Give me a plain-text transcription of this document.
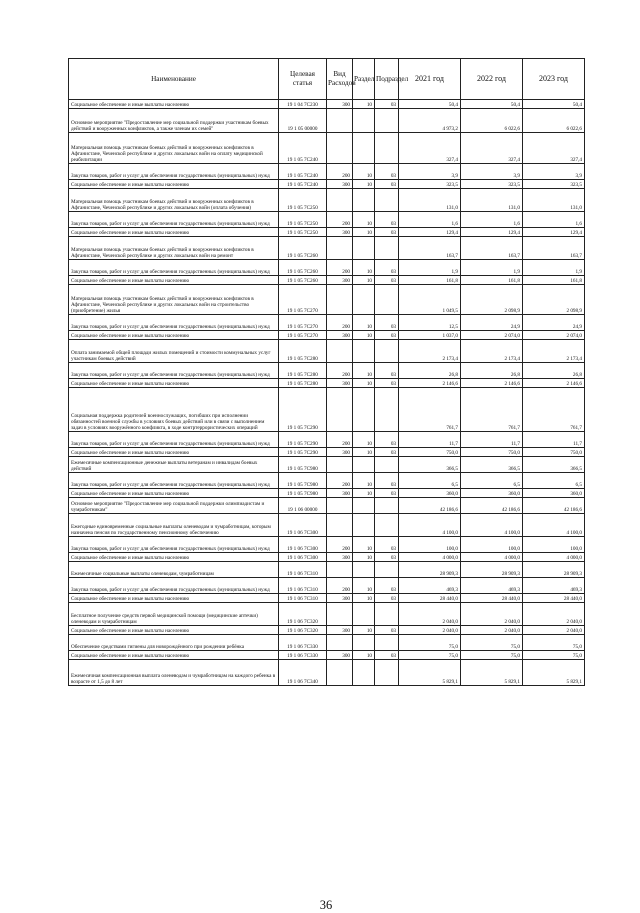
Наименование	Целевая статья	Вид Расходов	Раздел	Подраздел	2021 год	2022 год	2023 год
Социальное обеспечение и иные выплаты населению	19 1 04 7С230	300	10	03	50,4	50,4	50,4
Основное мероприятие "Предоставление мер социальной поддержки участникам боевых действий и вооруженных конфликтов, а также членам их семей"	19 1 05 00000				4 973,2	6 022,6	6 022,6
Материальная помощь участникам боевых действий и вооруженных конфликтов в Афганистане, Чеченской республике и других локальных войн на оплату медицинской реабилитации	19 1 05 7С240				327,4	327,4	327,4
Закупка товаров, работ и услуг для обеспечения государственных (муниципальных) нужд	19 1 05 7С240	200	10	03	3,9	3,9	3,9
Социальное обеспечение и иные выплаты населению	19 1 05 7С240	300	10	03	323,5	323,5	323,5
Материальная помощь участникам боевых действий и вооруженных конфликтов в Афганистане, Чеченской республике и других локальных войн (оплата обучения)	19 1 05 7С250				131,0	131,0	131,0
Закупка товаров, работ и услуг для обеспечения государственных (муниципальных) нужд	19 1 05 7С250	200	10	03	1,6	1,6	1,6
Социальное обеспечение и иные выплаты населению	19 1 05 7С250	300	10	03	129,4	129,4	129,4
Материальная помощь участникам боевых действий и вооруженных конфликтов в Афганистане, Чеченской республике и других локальных войн на ремонт	19 1 05 7С260				163,7	163,7	163,7
Закупка товаров, работ и услуг для обеспечения государственных (муниципальных) нужд	19 1 05 7С260	200	10	03	1,9	1,9	1,9
Социальное обеспечение и иные выплаты населению	19 1 05 7С260	300	10	03	161,8	161,8	161,8
Материальная помощь участникам боевых действий и вооруженных конфликтов в Афганистане, Чеченской республике и других локальных войн на строительство (приобретение) жилья	19 1 05 7С270				1 049,5	2 098,9	2 098,9
Закупка товаров, работ и услуг для обеспечения государственных (муниципальных) нужд	19 1 05 7С270	200	10	03	12,5	24,9	24,9
Социальное обеспечение и иные выплаты населению	19 1 05 7С270	300	10	03	1 037,0	2 074,0	2 074,0
Оплата занимаемой общей площади жилых помещений и стоимости коммунальных услуг участникам боевых действий	19 1 05 7С280				2 173,4	2 173,4	2 173,4
Закупка товаров, работ и услуг для обеспечения государственных (муниципальных) нужд	19 1 05 7С280	200	10	03	26,8	26,8	26,8
Социальное обеспечение и иные выплаты населению	19 1 05 7С280	300	10	03	2 146,6	2 146,6	2 146,6
Социальная поддержка родителей военнослужащих, погибших при исполнении обязанностей военной службы в условиях боевых действий или в связи с выполнением задач в условиях вооружённого конфликта, в ходе контртеррористических операций	19 1 05 7С290				761,7	761,7	761,7
Закупка товаров, работ и услуг для обеспечения государственных (муниципальных) нужд	19 1 05 7С290	200	10	03	11,7	11,7	11,7
Социальное обеспечение и иные выплаты населению	19 1 05 7С290	300	10	03	750,0	750,0	750,0
Ежемесячные компенсационные денежные выплаты ветеранам и инвалидам боевых действий	19 1 05 7С980				366,5	366,5	366,5
Закупка товаров, работ и услуг для обеспечения государственных (муниципальных) нужд	19 1 05 7С980	200	10	03	6,5	6,5	6,5
Социальное обеспечение и иные выплаты населению	19 1 05 7С980	300	10	03	360,0	360,0	360,0
Основное мероприятие "Предоставление мер социальной поддержки олимпиадистам и чумработникам"	19 1 06 00000				42 186,6	42 186,6	42 186,6
Ежегодные единовременные социальные выплаты оленеводам и чумработницам, которым назначена пенсия по государственному пенсионному обеспечению	19 1 06 7С300				4 100,0	4 100,0	4 100,0
Закупка товаров, работ и услуг для обеспечения государственных (муниципальных) нужд	19 1 06 7С300	200	10	03	100,0	100,0	100,0
Социальное обеспечение и иные выплаты населению	19 1 06 7С300	300	10	03	4 000,0	4 000,0	4 000,0
Ежемесячные социальные выплаты оленеводам, чумработницам	19 1 06 7С310				28 909,3	28 909,3	28 909,3
Закупка товаров, работ и услуг для обеспечения государственных (муниципальных) нужд	19 1 06 7С310	200	10	03	469,3	469,3	469,3
Социальное обеспечение и иные выплаты населению	19 1 06 7С310	300	10	03	28 440,0	28 440,0	28 440,0
Бесплатное получение средств первой медицинской помощи (медицинские аптечки) оленеводам и чумработницам	19 1 06 7С320				2 040,0	2 040,0	2 040,0
Социальное обеспечение и иные выплаты населению	19 1 06 7С320	300	10	03	2 040,0	2 040,0	2 040,0
Обеспечение средствами гигиены для новорождённого при рождении ребёнка	19 1 06 7С330				75,0	75,0	75,0
Социальное обеспечение и иные выплаты населению	19 1 06 7С330	300	10	03	75,0	75,0	75,0
Ежемесячная компенсационная выплата оленеводам и чумработницам на каждого ребенка в возрасте от 1,5 до 8 лет	19 1 06 7С340				5 829,1	5 829,1	5 829,1
36
